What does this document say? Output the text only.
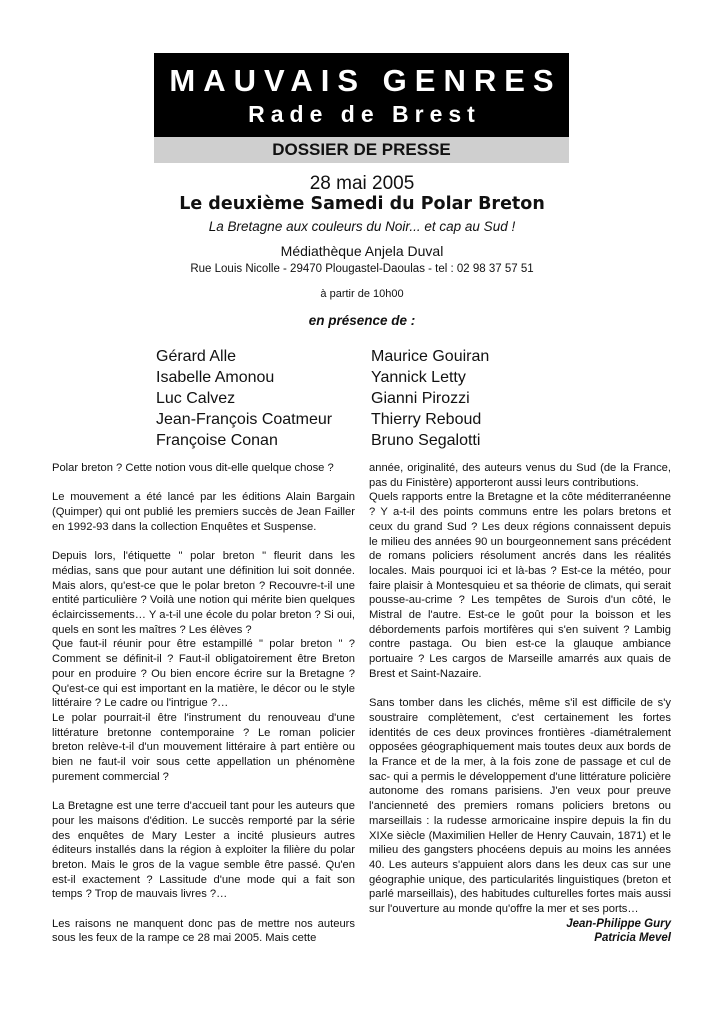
MAUVAIS GENRES
Rade de Brest
DOSSIER DE PRESSE
28 mai 2005
Le deuxième Samedi du Polar Breton
La Bretagne aux couleurs du Noir... et cap au Sud !
Médiathèque Anjela Duval
Rue Louis Nicolle - 29470 Plougastel-Daoulas - tel : 02 98 37 57 51
à partir de 10h00
en présence de :
Gérard Alle
Isabelle Amonou
Luc Calvez
Jean-François Coatmeur
Françoise Conan
Maurice Gouiran
Yannick Letty
Gianni Pirozzi
Thierry Reboud
Bruno Segalotti

Polar breton ? Cette notion vous dit-elle quelque chose ?

Le mouvement a été lancé par les éditions Alain Bargain (Quimper) qui ont publié les premiers succès de Jean Failler en 1992-93 dans la collection Enquêtes et Suspense.

Depuis lors, l'étiquette " polar breton " fleurit dans les médias, sans que pour autant une définition lui soit donnée. Mais alors, qu'est-ce que le polar breton ? Recouvre-t-il une entité particulière ? Voilà une notion qui mérite bien quelques éclaircissements… Y a-t-il une école du polar breton ? Si oui, quels en sont les maîtres ? Les élèves ?

Que faut-il réunir pour être estampillé " polar breton " ? Comment se définit-il ? Faut-il obligatoirement être Breton pour en produire ? Ou bien encore écrire sur la Bretagne ? Qu'est-ce qui est important en la matière, le décor ou le style littéraire ? Le cadre ou l'intrigue ?…

Le polar pourrait-il être l'instrument du renouveau d'une littérature bretonne contemporaine ? Le roman policier breton relève-t-il d'un mouvement littéraire à part entière ou bien ne faut-il voir sous cette appellation un phénomène purement commercial ?

La Bretagne est une terre d'accueil tant pour les auteurs que pour les maisons d'édition. Le succès remporté par la série des enquêtes de Mary Lester a incité plusieurs autres éditeurs installés dans la région à exploiter la filière du polar breton. Mais le gros de la vague semble être passé. Qu'en est-il exactement ? Lassitude d'une mode qui a fait son temps ? Trop de mauvais livres ?…

Les raisons ne manquent donc pas de mettre nos auteurs sous les feux de la rampe ce 28 mai 2005. Mais cette

année, originalité, des auteurs venus du Sud (de la France, pas du Finistère) apporteront aussi leurs contributions.

Quels rapports entre la Bretagne et la côte méditerranéenne ? Y a-t-il des points communs entre les polars bretons et ceux du grand Sud ? Les deux régions connaissent depuis le milieu des années 90 un bourgeonnement sans précédent de romans policiers résolument ancrés dans les réalités locales. Mais pourquoi ici et là-bas ? Est-ce la météo, pour faire plaisir à Montesquieu et sa théorie de climats, qui serait pousse-au-crime ? Les tempêtes de Surois d'un côté, le Mistral de l'autre. Est-ce le goût pour la boisson et les débordements parfois mortifères qui s'en suivent ? Lambig contre pastaga. Ou bien est-ce la glauque ambiance portuaire ? Les cargos de Marseille amarrés aux quais de Brest et Saint-Nazaire.

Sans tomber dans les clichés, même s'il est difficile de s'y soustraire complètement, c'est certainement les fortes identités de ces deux provinces frontières -diamétralement opposées géographiquement mais toutes deux aux bords de la France et de la mer, à la fois zone de passage et cul de sac- qui a permis le développement d'une littérature policière autonome des romans parisiens. J'en veux pour preuve l'ancienneté des premiers romans policiers bretons ou marseillais : la rudesse armoricaine inspire depuis la fin du XIXe siècle (Maximilien Heller de Henry Cauvain, 1871) et le milieu des gangsters phocéens depuis au moins les années 40. Les auteurs s'appuient alors dans les deux cas sur une géographie unique, des particularités linguistiques (breton et parlé marseillais), des habitudes culturelles fortes mais aussi sur l'ouverture au monde qu'offre la mer et ses ports…

Jean-Philippe Gury
Patricia Mevel
